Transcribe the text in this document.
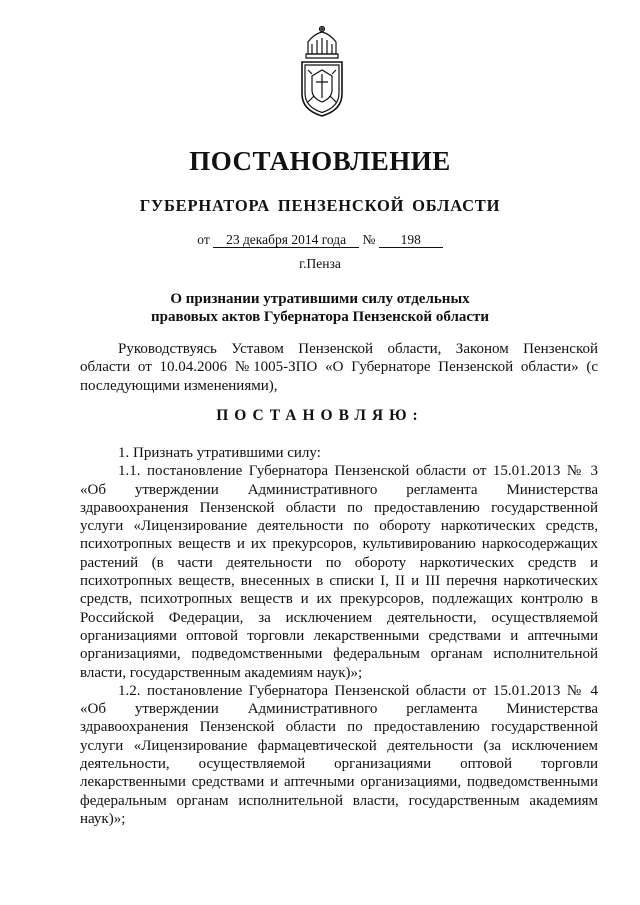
ПОСТАНОВЛЕНИЕ
ГУБЕРНАТОРА ПЕНЗЕНСКОЙ ОБЛАСТИ
от 23 декабря 2014 года № 198
г.Пенза
О признании утратившими силу отдельных
правовых актов Губернатора Пензенской области

Руководствуясь Уставом Пензенской области, Законом Пензенской области от 10.04.2006 №1005-ЗПО «О Губернаторе Пензенской области» (с последующими изменениями),

ПОСТАНОВЛЯЮ:

1. Признать утратившими силу:

1.1. постановление Губернатора Пензенской области от 15.01.2013 № 3 «Об утверждении Административного регламента Министерства здравоохранения Пензенской области по предоставлению государственной услуги «Лицензирование деятельности по обороту наркотических средств, психотропных веществ и их прекурсоров, культивированию наркосодержащих растений (в части деятельности по обороту наркотических средств и психотропных веществ, внесенных в списки I, II и III перечня наркотических средств, психотропных веществ и их прекурсоров, подлежащих контролю в Российской Федерации, за исключением деятельности, осуществляемой организациями оптовой торговли лекарственными средствами и аптечными организациями, подведомственными федеральным органам исполнительной власти, государственным академиям наук)»;

1.2. постановление Губернатора Пензенской области от 15.01.2013 № 4 «Об утверждении Административного регламента Министерства здравоохранения Пензенской области по предоставлению государственной услуги «Лицензирование фармацевтической деятельности (за исключением деятельности, осуществляемой организациями оптовой торговли лекарственными средствами и аптечными организациями, подведомственными федеральным органам исполнительной власти, государственным академиям наук)»;
